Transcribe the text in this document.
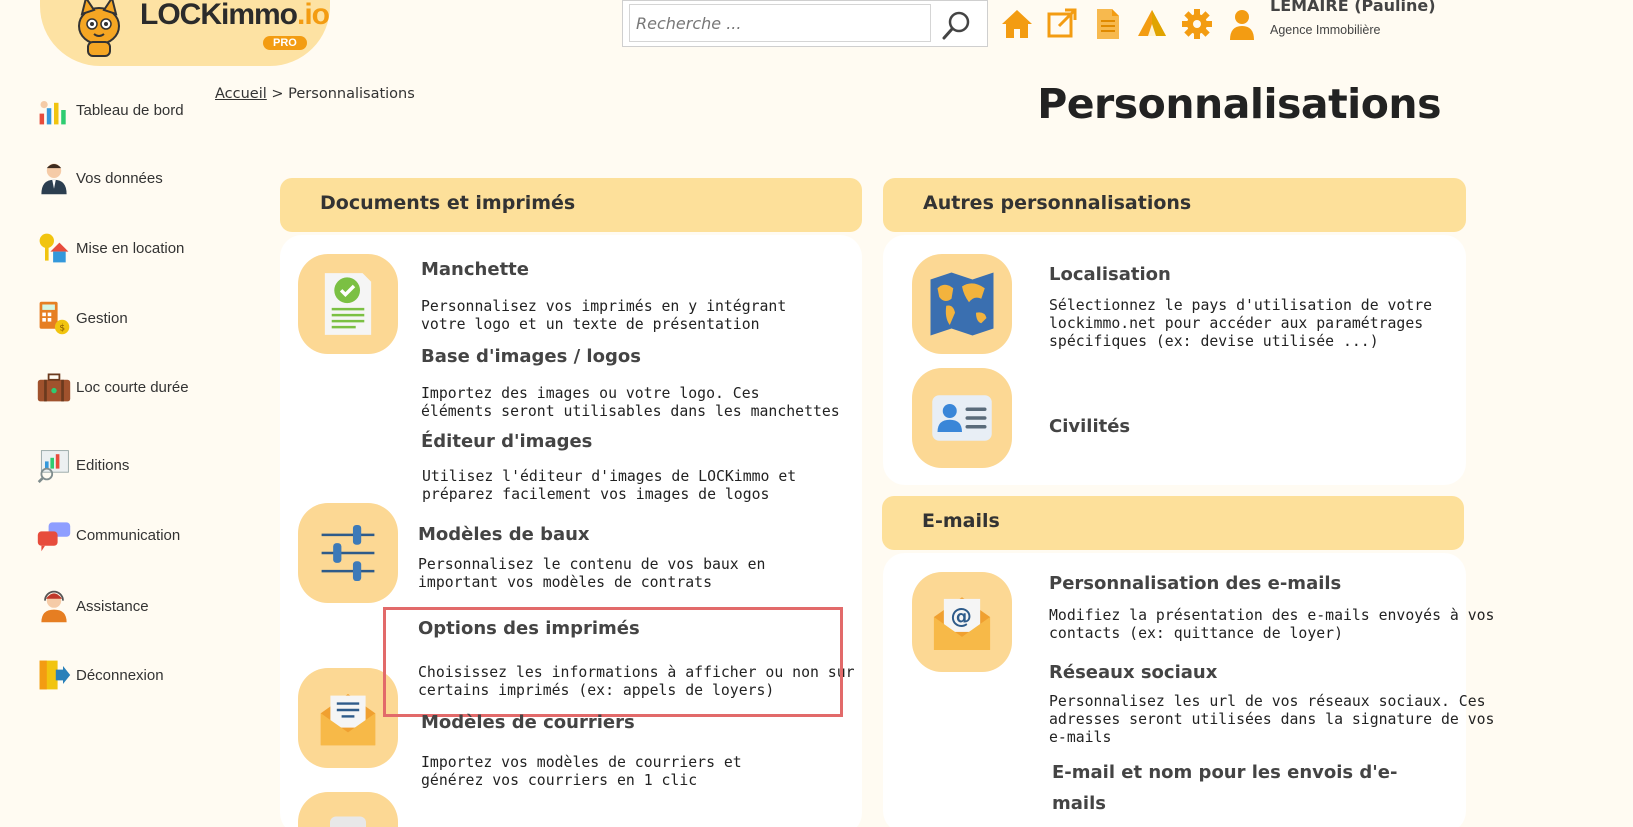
LOCKimmo.io
PRO
Recherche ...
LEMAIRE (Pauline)
Agence Immobilière
Tableau de bord
Vos données
Mise en location
$
Gestion
Loc courte durée
Editions
Communication
Assistance
Déconnexion
Accueil > Personnalisations	Personnalisations
Documents et imprimés
Manchette
Personnalisez vos imprimés en y intégrant
votre logo et un texte de présentation
Base d'images / logos
Importez des images ou votre logo. Ces
éléments seront utilisables dans les manchettes
Éditeur d'images
Utilisez l'éditeur d'images de LOCKimmo et
préparez facilement vos images de logos
Modèles de baux
Personnalisez le contenu de vos baux en
important vos modèles de contrats
Options des imprimés
Choisissez les informations à afficher ou non sur
certains imprimés (ex: appels de loyers)
Modèles de courriers
Importez vos modèles de courriers et
générez vos courriers en 1 clic
Autres personnalisations
Localisation
Sélectionnez le pays d'utilisation de votre
lockimmo.net pour accéder aux paramétrages
spécifiques (ex: devise utilisée ...)
Civilités
E-mails
@
Personnalisation des e-mails
Modifiez la présentation des e-mails envoyés à vos
contacts (ex: quittance de loyer)
Réseaux sociaux
Personnalisez les url de vos réseaux sociaux. Ces
adresses seront utilisées dans la signature de vos
e-mails
E-mail et nom pour les envois d'e-
mails
